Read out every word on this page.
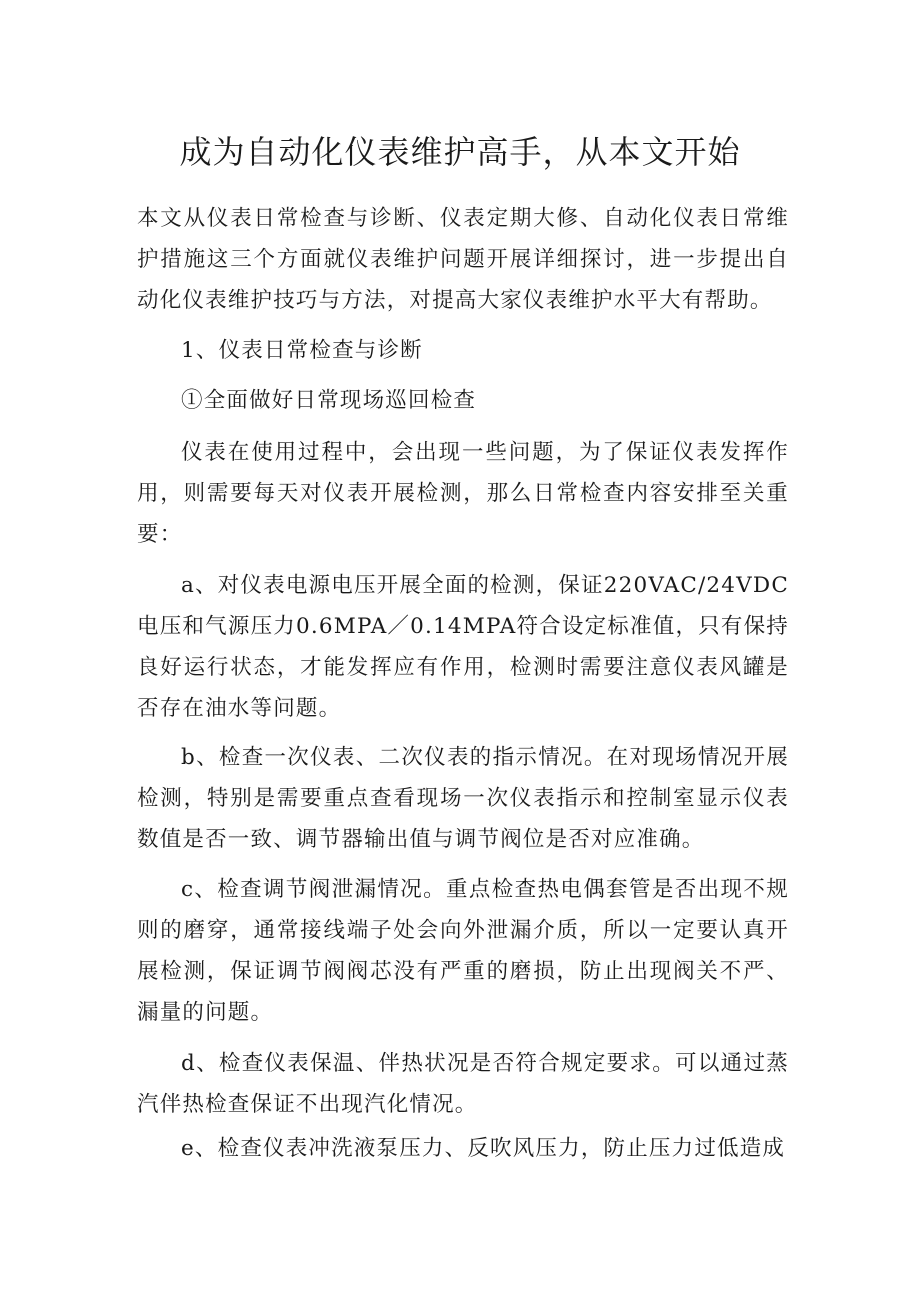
成为自动化仪表维护高手，从本文开始

本文从仪表日常检查与诊断、仪表定期大修、自动化仪表日常维护措施这三个方面就仪表维护问题开展详细探讨，进一步提出自动化仪表维护技巧与方法，对提高大家仪表维护水平大有帮助。

1、仪表日常检查与诊断

①全面做好日常现场巡回检查

仪表在使用过程中，会出现一些问题，为了保证仪表发挥作用，则需要每天对仪表开展检测，那么日常检查内容安排至关重要：

a、对仪表电源电压开展全面的检测，保证220VAC/24VDC电压和气源压力0.6MPA／0.14MPA符合设定标准值，只有保持良好运行状态，才能发挥应有作用，检测时需要注意仪表风罐是否存在油水等问题。

b、检查一次仪表、二次仪表的指示情况。在对现场情况开展检测，特别是需要重点查看现场一次仪表指示和控制室显示仪表数值是否一致、调节器输出值与调节阀位是否对应准确。

c、检查调节阀泄漏情况。重点检查热电偶套管是否出现不规则的磨穿，通常接线端子处会向外泄漏介质，所以一定要认真开展检测，保证调节阀阀芯没有严重的磨损，防止出现阀关不严、漏量的问题。

d、检查仪表保温、伴热状况是否符合规定要求。可以通过蒸汽伴热检查保证不出现汽化情况。

e、检查仪表冲洗液泵压力、反吹风压力，防止压力过低造成
